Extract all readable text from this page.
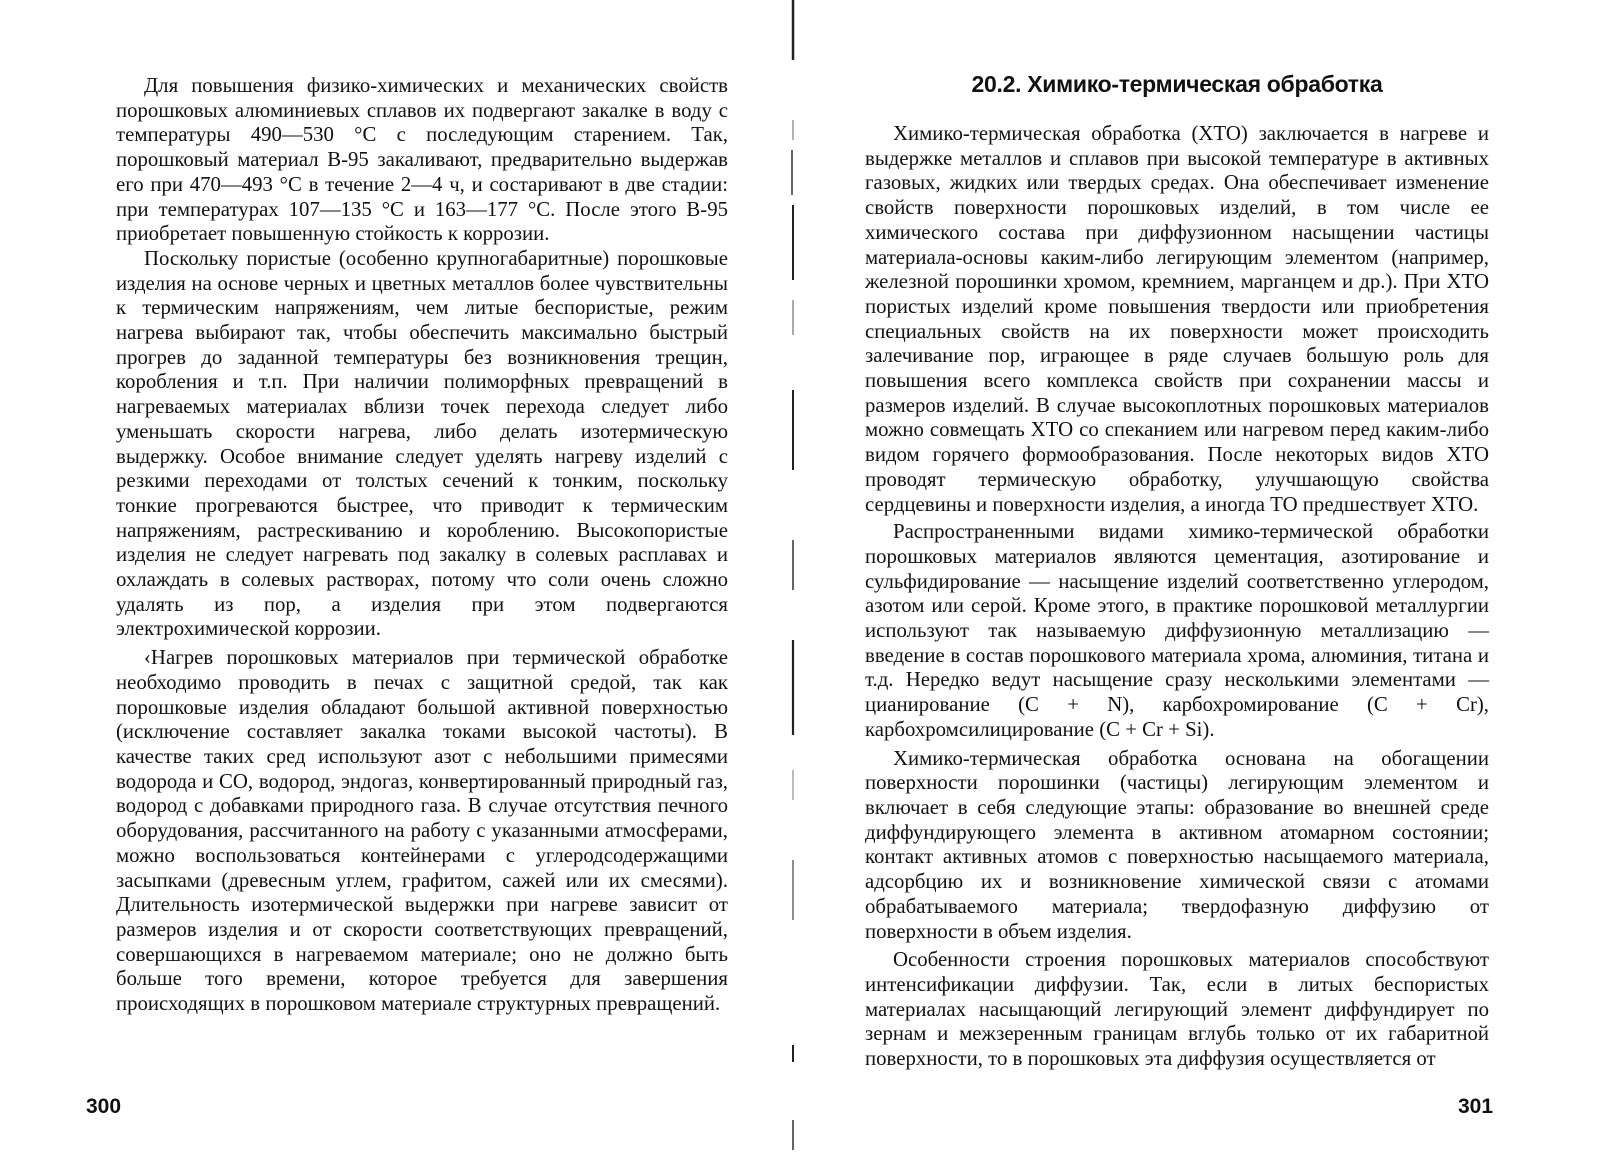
Для повышения физико-химических и механических свойств порошковых алюминиевых сплавов их подвергают закалке в воду с температуры 490—530 °С с последующим старением. Так, порошковый материал В-95 закаливают, предварительно выдержав его при 470—493 °С в течение 2—4 ч, и состаривают в две стадии: при температурах 107—135 °С и 163—177 °С. После этого В-95 приобретает повышенную стойкость к коррозии.

Поскольку пористые (особенно крупногабаритные) порошковые изделия на основе черных и цветных металлов более чувствительны к термическим напряжениям, чем литые беспористые, режим нагрева выбирают так, чтобы обеспечить максимально быстрый прогрев до заданной температуры без возникновения трещин, коробления и т.п. При наличии полиморфных превращений в нагреваемых материалах вблизи точек перехода следует либо уменьшать скорости нагрева, либо делать изотермическую выдержку. Особое внимание следует уделять нагреву изделий с резкими переходами от толстых сечений к тонким, поскольку тонкие прогреваются быстрее, что приводит к термическим напряжениям, растрескиванию и короблению. Высокопористые изделия не следует нагревать под закалку в солевых расплавах и охлаждать в солевых растворах, потому что соли очень сложно удалять из пор, а изделия при этом подвергаются электрохимической коррозии.

‹Нагрев порошковых материалов при термической обработке необходимо проводить в печах с защитной средой, так как порошковые изделия обладают большой активной поверхностью (исключение составляет закалка токами высокой частоты). В качестве таких сред используют азот с небольшими примесями водорода и СО, водород, эндогаз, конвертированный природный газ, водород с добавками природного газа. В случае отсутствия печного оборудования, рассчитанного на работу с указанными атмосферами, можно воспользоваться контейнерами с углеродсодержащими засыпками (древесным углем, графитом, сажей или их смесями). Длительность изотермической выдержки при нагреве зависит от размеров изделия и от скорости соответствующих превращений, совершающихся в нагреваемом материале; оно не должно быть больше того времени, которое требуется для завершения происходящих в порошковом материале структурных превращений.

300
20.2. Химико-термическая обработка

Химико-термическая обработка (ХТО) заключается в нагреве и выдержке металлов и сплавов при высокой температуре в активных газовых, жидких или твердых средах. Она обеспечивает изменение свойств поверхности порошковых изделий, в том числе ее химического состава при диффузионном насыщении частицы материала-основы каким-либо легирующим элементом (например, железной порошинки хромом, кремнием, марганцем и др.). При ХТО пористых изделий кроме повышения твердости или приобретения специальных свойств на их поверхности может происходить залечивание пор, играющее в ряде случаев большую роль для повышения всего комплекса свойств при сохранении массы и размеров изделий. В случае высокоплотных порошковых материалов можно совмещать ХТО со спеканием или нагревом перед каким-либо видом горячего формообразования. После некоторых видов ХТО проводят термическую обработку, улучшающую свойства сердцевины и поверхности изделия, а иногда ТО предшествует ХТО.

Распространенными видами химико-термической обработки порошковых материалов являются цементация, азотирование и сульфидирование — насыщение изделий соответственно углеродом, азотом или серой. Кроме этого, в практике порошковой металлургии используют так называемую диффузионную металлизацию — введение в состав порошкового материала хрома, алюминия, титана и т.д. Нередко ведут насыщение сразу несколькими элементами — цианирование (С + N), карбохромирование (С + Cr), карбохромсилицирование (С + Cr + Si).

Химико-термическая обработка основана на обогащении поверхности порошинки (частицы) легирующим элементом и включает в себя следующие этапы: образование во внешней среде диффундирующего элемента в активном атомарном состоянии; контакт активных атомов с поверхностью насыщаемого материала, адсорбцию их и возникновение химической связи с атомами обрабатываемого материала; твердофазную диффузию от поверхности в объем изделия.

Особенности строения порошковых материалов способствуют интенсификации диффузии. Так, если в литых беспористых материалах насыщающий легирующий элемент диффундирует по зернам и межзеренным границам вглубь только от их габаритной поверхности, то в порошковых эта диффузия осуществляется от

301
